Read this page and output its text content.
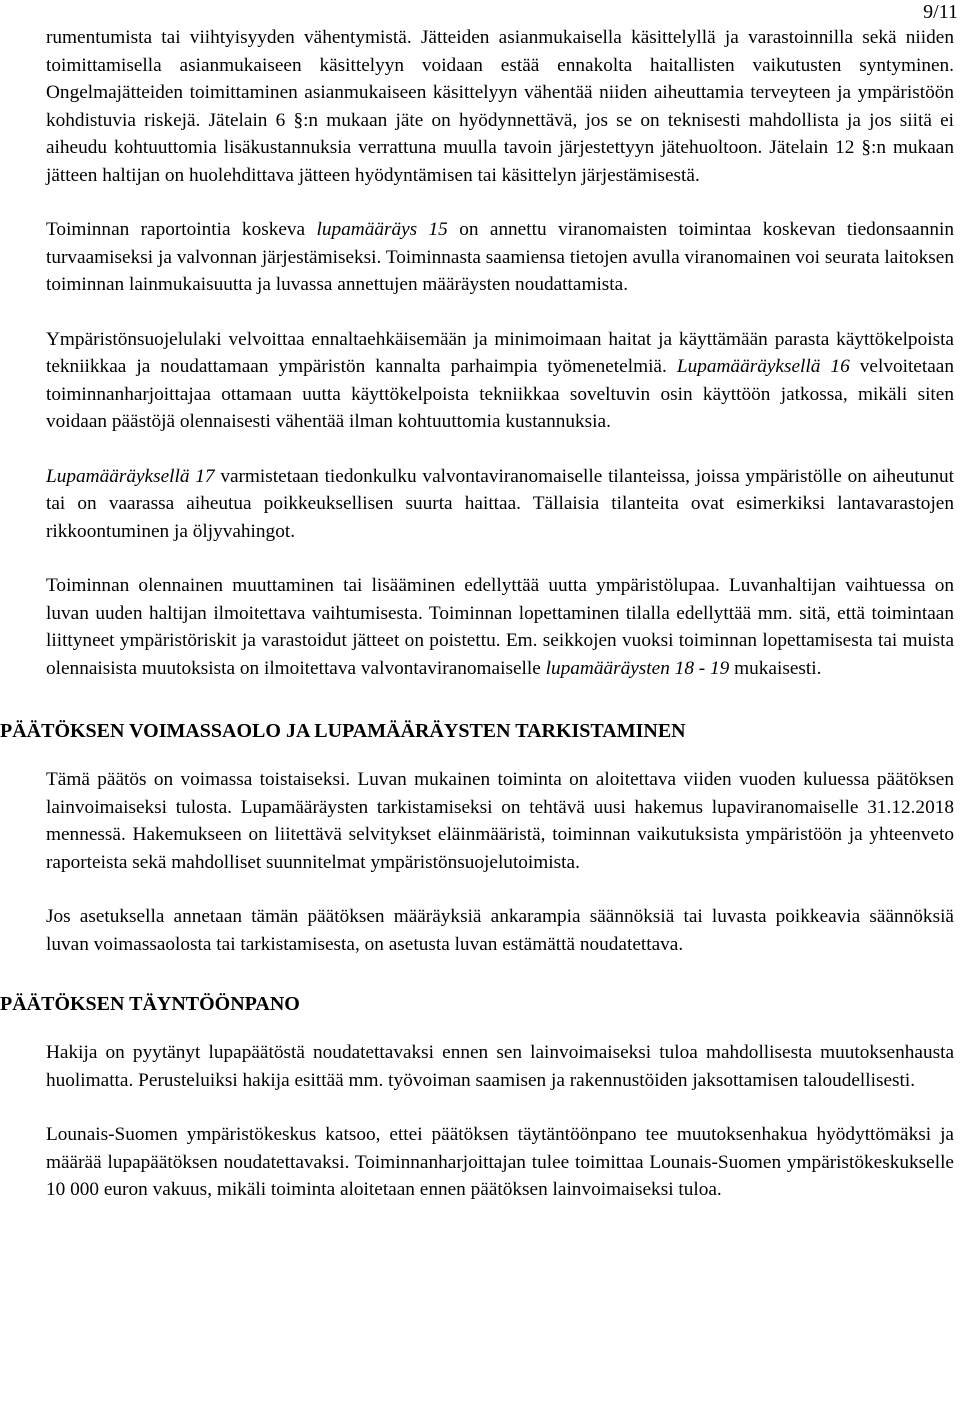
9/11

rumentumista tai viihtyisyyden vähentymistä. Jätteiden asianmukaisella käsittelyllä ja varastoinnilla sekä niiden toimittamisella asianmukaiseen käsittelyyn voidaan estää ennakolta haitallisten vaikutusten syntyminen. Ongelmajätteiden toimittaminen asianmukaiseen käsittelyyn vähentää niiden aiheuttamia terveyteen ja ympäristöön kohdistuvia riskejä. Jätelain 6 §:n mukaan jäte on hyödynnettävä, jos se on teknisesti mahdollista ja jos siitä ei aiheudu kohtuuttomia lisäkustannuksia verrattuna muulla tavoin järjestettyyn jätehuoltoon. Jätelain 12 §:n mukaan jätteen haltijan on huolehdittava jätteen hyödyntämisen tai käsittelyn järjestämisestä.

Toiminnan raportointia koskeva lupamääräys 15 on annettu viranomaisten toimintaa koskevan tiedonsaannin turvaamiseksi ja valvonnan järjestämiseksi. Toiminnasta saamiensa tietojen avulla viranomainen voi seurata laitoksen toiminnan lainmukaisuutta ja luvassa annettujen määräysten noudattamista.

Ympäristönsuojelulaki velvoittaa ennaltaehkäisemään ja minimoimaan haitat ja käyttämään parasta käyttökelpoista tekniikkaa ja noudattamaan ympäristön kannalta parhaimpia työmenetelmiä. Lupamääräyksellä 16 velvoitetaan toiminnanharjoittajaa ottamaan uutta käyttökelpoista tekniikkaa soveltuvin osin käyttöön jatkossa, mikäli siten voidaan päästöjä olennaisesti vähentää ilman kohtuuttomia kustannuksia.

Lupamääräyksellä 17 varmistetaan tiedonkulku valvontaviranomaiselle tilanteissa, joissa ympäristölle on aiheutunut tai on vaarassa aiheutua poikkeuksellisen suurta haittaa. Tällaisia tilanteita ovat esimerkiksi lantavarastojen rikkoontuminen ja öljyvahingot.

Toiminnan olennainen muuttaminen tai lisääminen edellyttää uutta ympäristölupaa. Luvanhaltijan vaihtuessa on luvan uuden haltijan ilmoitettava vaihtumisesta. Toiminnan lopettaminen tilalla edellyttää mm. sitä, että toimintaan liittyneet ympäristöriskit ja varastoidut jätteet on poistettu. Em. seikkojen vuoksi toiminnan lopettamisesta tai muista olennaisista muutoksista on ilmoitettava valvontaviranomaiselle lupamääräysten 18 - 19 mukaisesti.

PÄÄTÖKSEN VOIMASSAOLO JA LUPAMÄÄRÄYSTEN TARKISTAMINEN

Tämä päätös on voimassa toistaiseksi. Luvan mukainen toiminta on aloitettava viiden vuoden kuluessa päätöksen lainvoimaiseksi tulosta. Lupamääräysten tarkistamiseksi on tehtävä uusi hakemus lupaviranomaiselle 31.12.2018 mennessä. Hakemukseen on liitettävä selvitykset eläinmääristä, toiminnan vaikutuksista ympäristöön ja yhteenveto raporteista sekä mahdolliset suunnitelmat ympäristönsuojelutoimista.

Jos asetuksella annetaan tämän päätöksen määräyksiä ankarampia säännöksiä tai luvasta poikkeavia säännöksiä luvan voimassaolosta tai tarkistamisesta, on asetusta luvan estämättä noudatettava.

PÄÄTÖKSEN TÄYNTÖÖNPANO

Hakija on pyytänyt lupapäätöstä noudatettavaksi ennen sen lainvoimaiseksi tuloa mahdollisesta muutoksenhausta huolimatta. Perusteluiksi hakija esittää mm. työvoiman saamisen ja rakennustöiden jaksottamisen taloudellisesti.

Lounais-Suomen ympäristökeskus katsoo, ettei päätöksen täytäntöönpano tee muutoksenhakua hyödyttömäksi ja määrää lupapäätöksen noudatettavaksi. Toiminnanharjoittajan tulee toimittaa Lounais-Suomen ympäristökeskukselle 10 000 euron vakuus, mikäli toiminta aloitetaan ennen päätöksen lainvoimaiseksi tuloa.
